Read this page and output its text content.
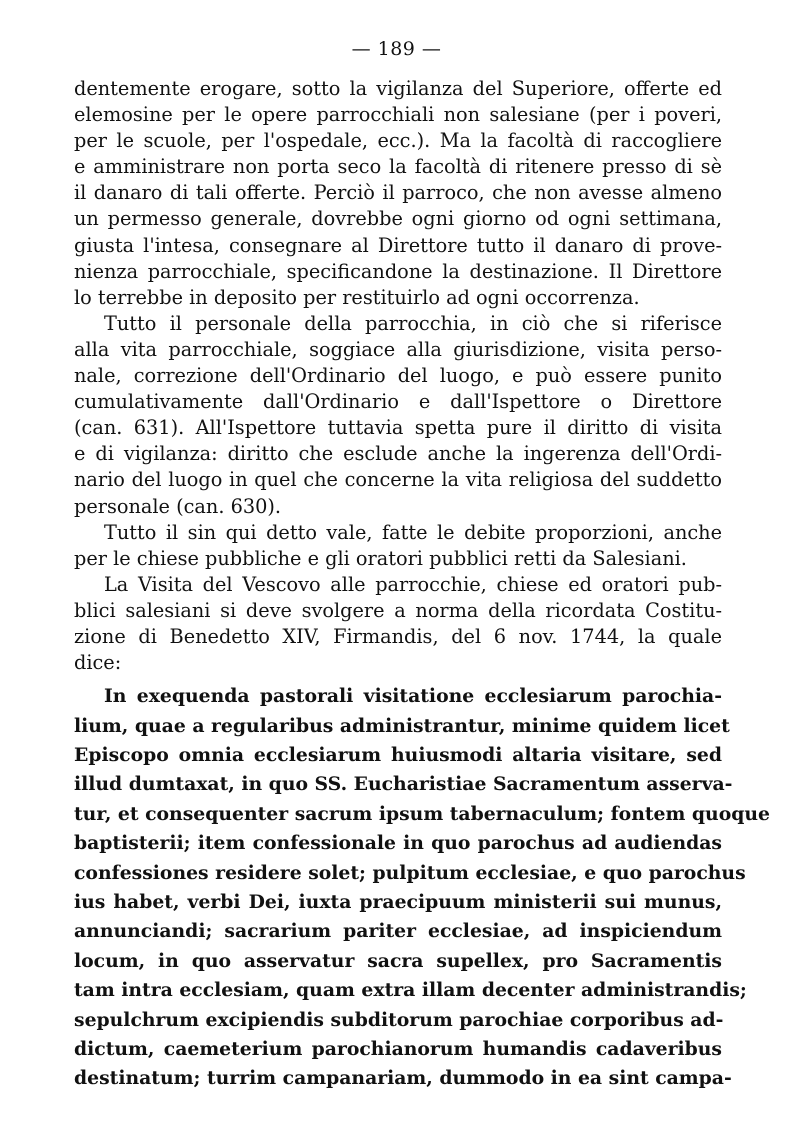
— 189 —
dentemente erogare, sotto la vigilanza del Superiore, offerte ed
elemosine per le opere parrocchiali non salesiane (per i poveri,
per le scuole, per l'ospedale, ecc.). Ma la facoltà di raccogliere
e amministrare non porta seco la facoltà di ritenere presso di sè
il danaro di tali offerte. Perciò il parroco, che non avesse almeno
un permesso generale, dovrebbe ogni giorno od ogni settimana,
giusta l'intesa, consegnare al Direttore tutto il danaro di prove-
nienza parrocchiale, specificandone la destinazione. Il Direttore
lo terrebbe in deposito per restituirlo ad ogni occorrenza.
Tutto il personale della parrocchia, in ciò che si riferisce
alla vita parrocchiale, soggiace alla giurisdizione, visita perso-
nale, correzione dell'Ordinario del luogo, e può essere punito
cumulativamente dall'Ordinario e dall'Ispettore o Direttore
(can. 631). All'Ispettore tuttavia spetta pure il diritto di visita
e di vigilanza: diritto che esclude anche la ingerenza dell'Ordi-
nario del luogo in quel che concerne la vita religiosa del suddetto
personale (can. 630).
Tutto il sin qui detto vale, fatte le debite proporzioni, anche
per le chiese pubbliche e gli oratori pubblici retti da Salesiani.
La Visita del Vescovo alle parrocchie, chiese ed oratori pub-
blici salesiani si deve svolgere a norma della ricordata Costitu-
zione di Benedetto XIV, Firmandis, del 6 nov. 1744, la quale
dice:
In exequenda pastorali visitatione ecclesiarum parochia-
lium, quae a regularibus administrantur, minime quidem licet
Episcopo omnia ecclesiarum huiusmodi altaria visitare, sed
illud dumtaxat, in quo SS. Eucharistiae Sacramentum asserva-
tur, et consequenter sacrum ipsum tabernaculum; fontem quoque
baptisterii; item confessionale in quo parochus ad audiendas
confessiones residere solet; pulpitum ecclesiae, e quo parochus
ius habet, verbi Dei, iuxta praecipuum ministerii sui munus,
annunciandi; sacrarium pariter ecclesiae, ad inspiciendum
locum, in quo asservatur sacra supellex, pro Sacramentis
tam intra ecclesiam, quam extra illam decenter administrandis;
sepulchrum excipiendis subditorum parochiae corporibus ad-
dictum, caemeterium parochianorum humandis cadaveribus
destinatum; turrim campanariam, dummodo in ea sint campa-
